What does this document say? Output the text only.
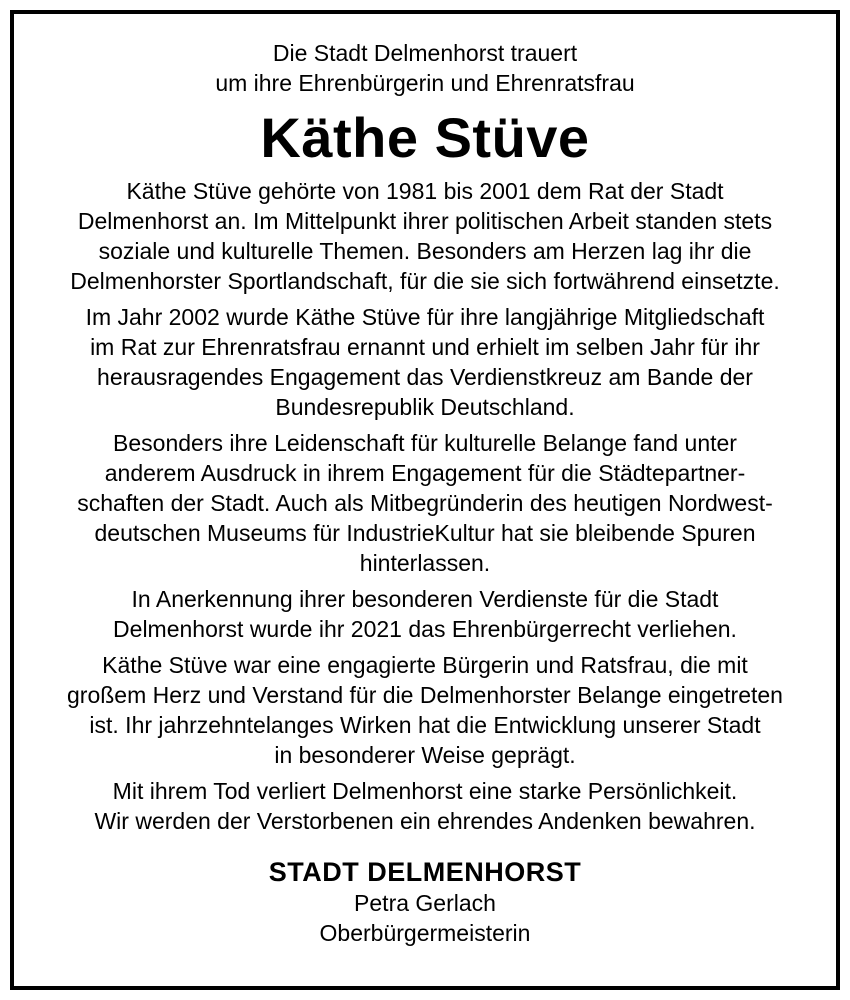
Die Stadt Delmenhorst trauert
um ihre Ehrenbürgerin und Ehrenratsfrau
Käthe Stüve
Käthe Stüve gehörte von 1981 bis 2001 dem Rat der Stadt
Delmenhorst an. Im Mittelpunkt ihrer politischen Arbeit standen stets
soziale und kulturelle Themen. Besonders am Herzen lag ihr die
Delmenhorster Sportlandschaft, für die sie sich fortwährend einsetzte.
Im Jahr 2002 wurde Käthe Stüve für ihre langjährige Mitgliedschaft
im Rat zur Ehrenratsfrau ernannt und erhielt im selben Jahr für ihr
herausragendes Engagement das Verdienstkreuz am Bande der
Bundesrepublik Deutschland.
Besonders ihre Leidenschaft für kulturelle Belange fand unter
anderem Ausdruck in ihrem Engagement für die Städtepartner-
schaften der Stadt. Auch als Mitbegründerin des heutigen Nordwest-
deutschen Museums für IndustrieKultur hat sie bleibende Spuren
hinterlassen.
In Anerkennung ihrer besonderen Verdienste für die Stadt
Delmenhorst wurde ihr 2021 das Ehrenbürgerrecht verliehen.
Käthe Stüve war eine engagierte Bürgerin und Ratsfrau, die mit
großem Herz und Verstand für die Delmenhorster Belange eingetreten
ist. Ihr jahrzehntelanges Wirken hat die Entwicklung unserer Stadt
in besonderer Weise geprägt.
Mit ihrem Tod verliert Delmenhorst eine starke Persönlichkeit.
Wir werden der Verstorbenen ein ehrendes Andenken bewahren.
STADT DELMENHORST
Petra Gerlach
Oberbürgermeisterin
